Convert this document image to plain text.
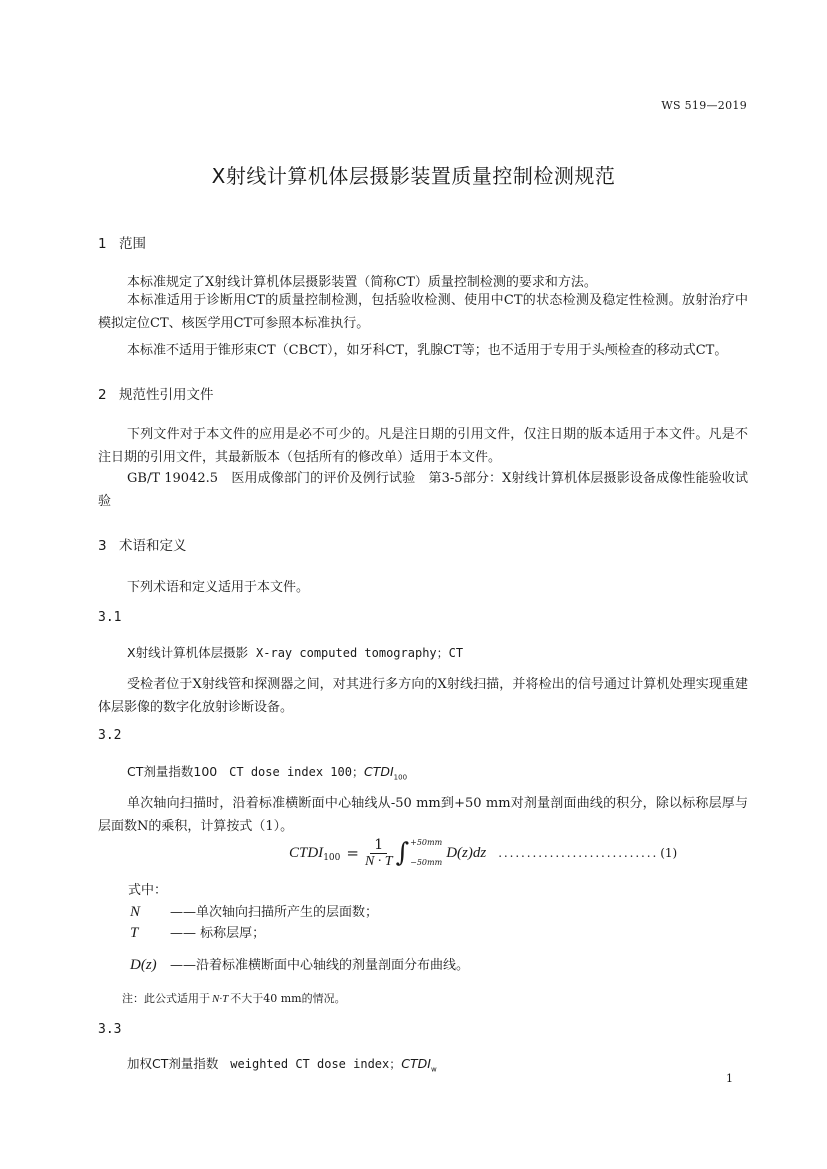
WS 519—2019
X射线计算机体层摄影装置质量控制检测规范
1 范围
本标准规定了X射线计算机体层摄影装置（简称CT）质量控制检测的要求和方法。
本标准适用于诊断用CT的质量控制检测，包括验收检测、使用中CT的状态检测及稳定性检测。放射治疗中模拟定位CT、核医学用CT可参照本标准执行。
本标准不适用于锥形束CT（CBCT），如牙科CT，乳腺CT等；也不适用于专用于头颅检查的移动式CT。
2 规范性引用文件
下列文件对于本文件的应用是必不可少的。凡是注日期的引用文件，仅注日期的版本适用于本文件。凡是不注日期的引用文件，其最新版本（包括所有的修改单）适用于本文件。
GB/T 19042.5　医用成像部门的评价及例行试验　第3-5部分：X射线计算机体层摄影设备成像性能验收试验
3 术语和定义
下列术语和定义适用于本文件。
3.1
X射线计算机体层摄影 X-ray computed tomography；CT
受检者位于X射线管和探测器之间，对其进行多方向的X射线扫描，并将检出的信号通过计算机处理实现重建体层影像的数字化放射诊断设备。
3.2
CT剂量指数100 CT dose index 100；$CTDI_{100}$
单次轴向扫描时，沿着标准横断面中心轴线从-50 mm到+50 mm对剂量剖面曲线的积分，除以标称层厚与层面数N的乘积，计算按式（1）。
$CTDI_{100} = \frac{1}{N \cdot T}$ ∫ +50mm
−50mm
D(z)dz ............................ (1)
式中：
N ——单次轴向扫描所产生的层面数；
T —— 标称层厚；
D(z) ——沿着标准横断面中心轴线的剂量剖面分布曲线。
注：此公式适用于 N·T 不大于40 mm的情况。
3.3
加权CT剂量指数 weighted CT dose index；$CTDI_w$
1
